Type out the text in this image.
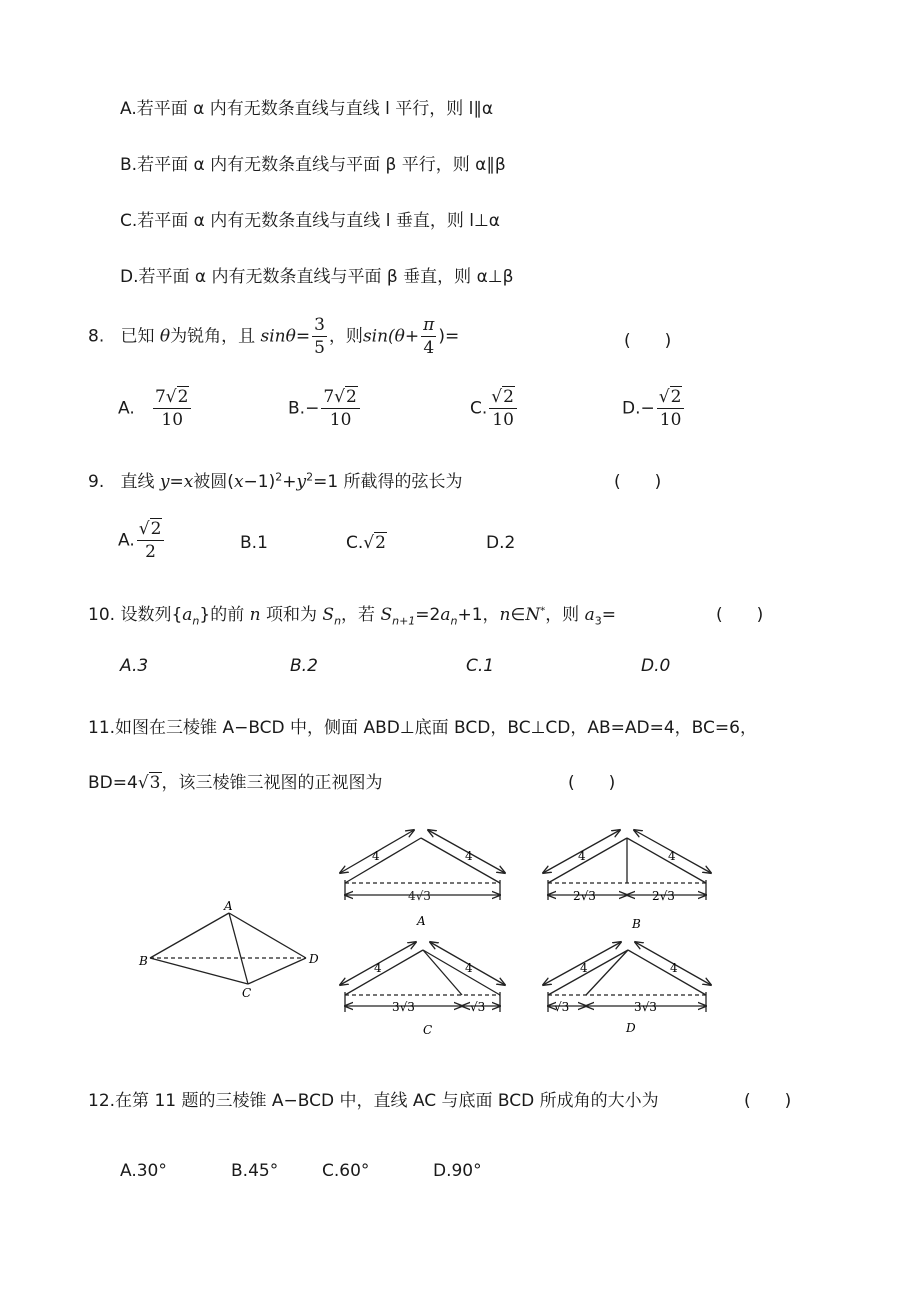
A.若平面 α 内有无数条直线与直线 l 平行，则 l∥α
B.若平面 α 内有无数条直线与平面 β 平行，则 α∥β
C.若平面 α 内有无数条直线与直线 l 垂直，则 l⊥α
D.若平面 α 内有无数条直线与平面 β 垂直，则 α⊥β
8. 已知 θ为锐角，且 $\sin\theta= \frac{3}{5}$ ，则$\sin(\theta+ \frac{\pi}{4}$ )=	(　　)
A. $\frac{7√2}{10}$	$B.- \frac{7√2}{10}$	C. $\frac{√2}{10}$	$D.- \frac{√2}{10}$
9. 直线 y=x被圆$(x-1)^2+y^2=1$ 所截得的弦长为	(　　)
A. $\frac{√2}{2}$	B.1	C.√2	D.2
10. 设数列$\{a_n\}$的前 n 项和为 $S_n$，若 $S_{n+1}=2a_n+1$，n∈N*，则 $a_3=$	(　　)
A.3	B.2	C.1	D.0
11.如图在三棱锥 A−BCD 中，侧面 ABD⊥底面 BCD，BC⊥CD，AB=AD=4，BC=6，
BD=4√3，该三棱锥三视图的正视图为	(　　)
A
B
C
D
4	4
4√3
A
4	4
2√3	2√3
B
4	4
3√3	√3
C
4	4
√3	3√3
D
12.在第 11 题的三棱锥 A−BCD 中，直线 AC 与底面 BCD 所成角的大小为	(　　)
A.30°	B.45°	C.60°	D.90°
